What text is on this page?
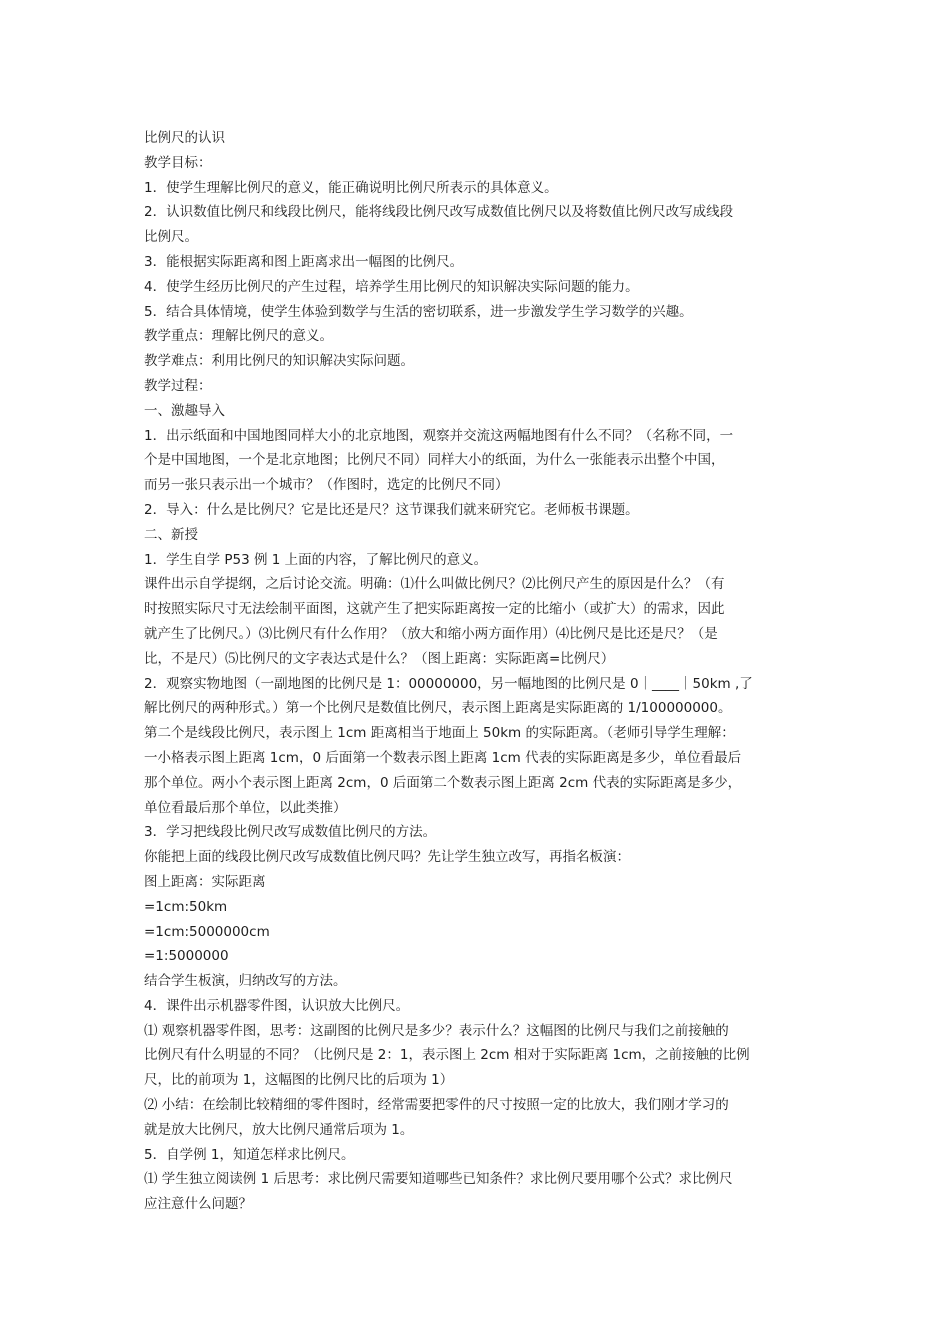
比例尺的认识
教学目标：
1．使学生理解比例尺的意义，能正确说明比例尺所表示的具体意义。
2．认识数值比例尺和线段比例尺，能将线段比例尺改写成数值比例尺以及将数值比例尺改写成线段
比例尺。
3．能根据实际距离和图上距离求出一幅图的比例尺。
4．使学生经历比例尺的产生过程，培养学生用比例尺的知识解决实际问题的能力。
5．结合具体情境，使学生体验到数学与生活的密切联系，进一步激发学生学习数学的兴趣。
教学重点：理解比例尺的意义。
教学难点：利用比例尺的知识解决实际问题。
教学过程：
一、激趣导入
1．出示纸面和中国地图同样大小的北京地图，观察并交流这两幅地图有什么不同？（名称不同，一
个是中国地图，一个是北京地图；比例尺不同）同样大小的纸面，为什么一张能表示出整个中国，
而另一张只表示出一个城市？（作图时，选定的比例尺不同）
2．导入：什么是比例尺？它是比还是尺？这节课我们就来研究它。老师板书课题。
二、新授
1．学生自学 P53 例 1 上面的内容，了解比例尺的意义。
课件出示自学提纲，之后讨论交流。明确：⑴什么叫做比例尺？⑵比例尺产生的原因是什么？（有
时按照实际尺寸无法绘制平面图，这就产生了把实际距离按一定的比缩小（或扩大）的需求，因此
就产生了比例尺。）⑶比例尺有什么作用？（放大和缩小两方面作用）⑷比例尺是比还是尺？（是
比，不是尺）⑸比例尺的文字表达式是什么？（图上距离：实际距离=比例尺）
2．观察实物地图（一副地图的比例尺是 1：00000000，另一幅地图的比例尺是 0｜____｜50km ,了
解比例尺的两种形式。）第一个比例尺是数值比例尺，表示图上距离是实际距离的 1/100000000。
第二个是线段比例尺，表示图上 1cm 距离相当于地面上 50km 的实际距离。（老师引导学生理解：
一小格表示图上距离 1cm，0 后面第一个数表示图上距离 1cm 代表的实际距离是多少，单位看最后
那个单位。两小个表示图上距离 2cm，0 后面第二个数表示图上距离 2cm 代表的实际距离是多少，
单位看最后那个单位，以此类推）
3．学习把线段比例尺改写成数值比例尺的方法。
你能把上面的线段比例尺改写成数值比例尺吗？先让学生独立改写，再指名板演：
图上距离：实际距离
=1cm:50km
=1cm:5000000cm
=1:5000000
结合学生板演，归纳改写的方法。
4．课件出示机器零件图，认识放大比例尺。
⑴ 观察机器零件图，思考：这副图的比例尺是多少？表示什么？这幅图的比例尺与我们之前接触的
比例尺有什么明显的不同？（比例尺是 2：1，表示图上 2cm 相对于实际距离 1cm，之前接触的比例
尺，比的前项为 1，这幅图的比例尺比的后项为 1）
⑵ 小结：在绘制比较精细的零件图时，经常需要把零件的尺寸按照一定的比放大，我们刚才学习的
就是放大比例尺，放大比例尺通常后项为 1。
5．自学例 1，知道怎样求比例尺。
⑴ 学生独立阅读例 1 后思考：求比例尺需要知道哪些已知条件？求比例尺要用哪个公式？求比例尺
应注意什么问题？
